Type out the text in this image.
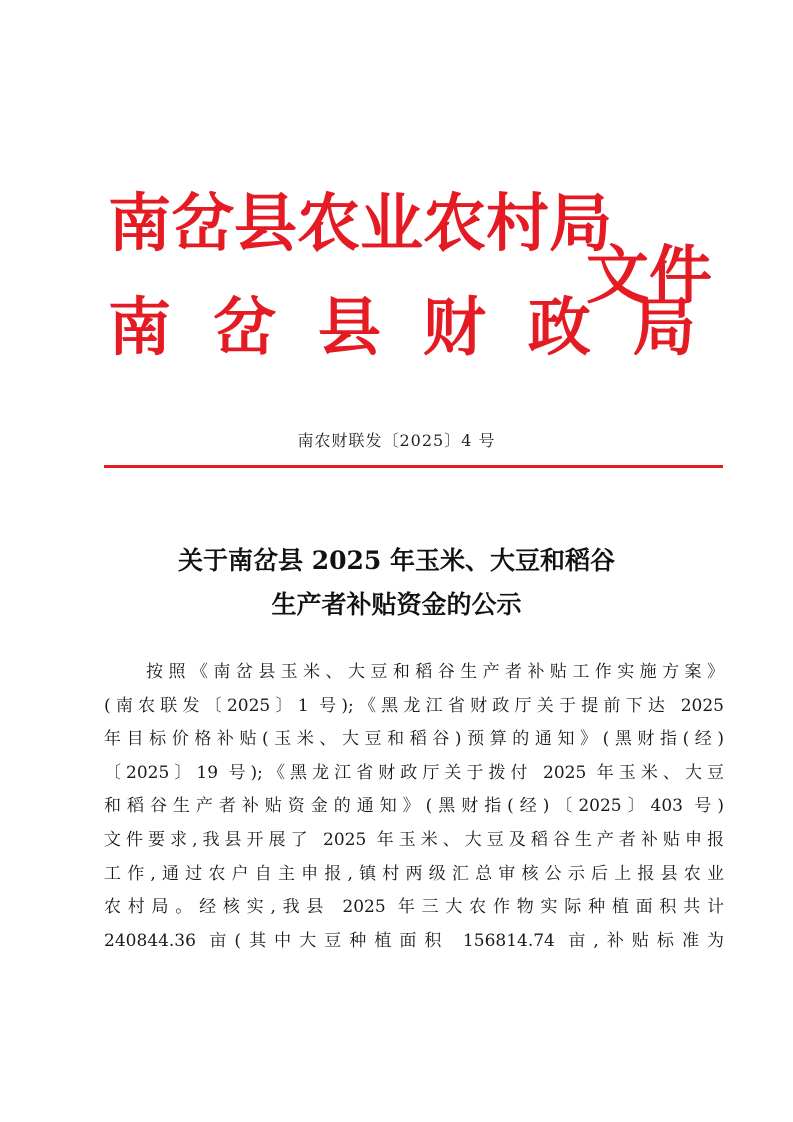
南岔县农业农村局
南 岔 县 财 政 局
文件
南农财联发〔2025〕4 号
关于南岔县 2025 年玉米、大豆和稻谷
生产者补贴资金的公示

按照《南岔县玉米、大豆和稻谷生产者补贴工作实施方案》

(南农联发〔2025〕1 号);《黑龙江省财政厅关于提前下达 2025

年目标价格补贴(玉米、大豆和稻谷)预算的通知》(黑财指(经)

〔2025〕19 号);《黑龙江省财政厅关于拨付 2025 年玉米、大豆

和稻谷生产者补贴资金的通知》(黑财指(经)〔2025〕403 号)

文件要求,我县开展了 2025 年玉米、大豆及稻谷生产者补贴申报

工作,通过农户自主申报,镇村两级汇总审核公示后上报县农业

农村局。经核实,我县 2025 年三大农作物实际种植面积共计

240844.36 亩(其中大豆种植面积 156814.74 亩,补贴标准为
